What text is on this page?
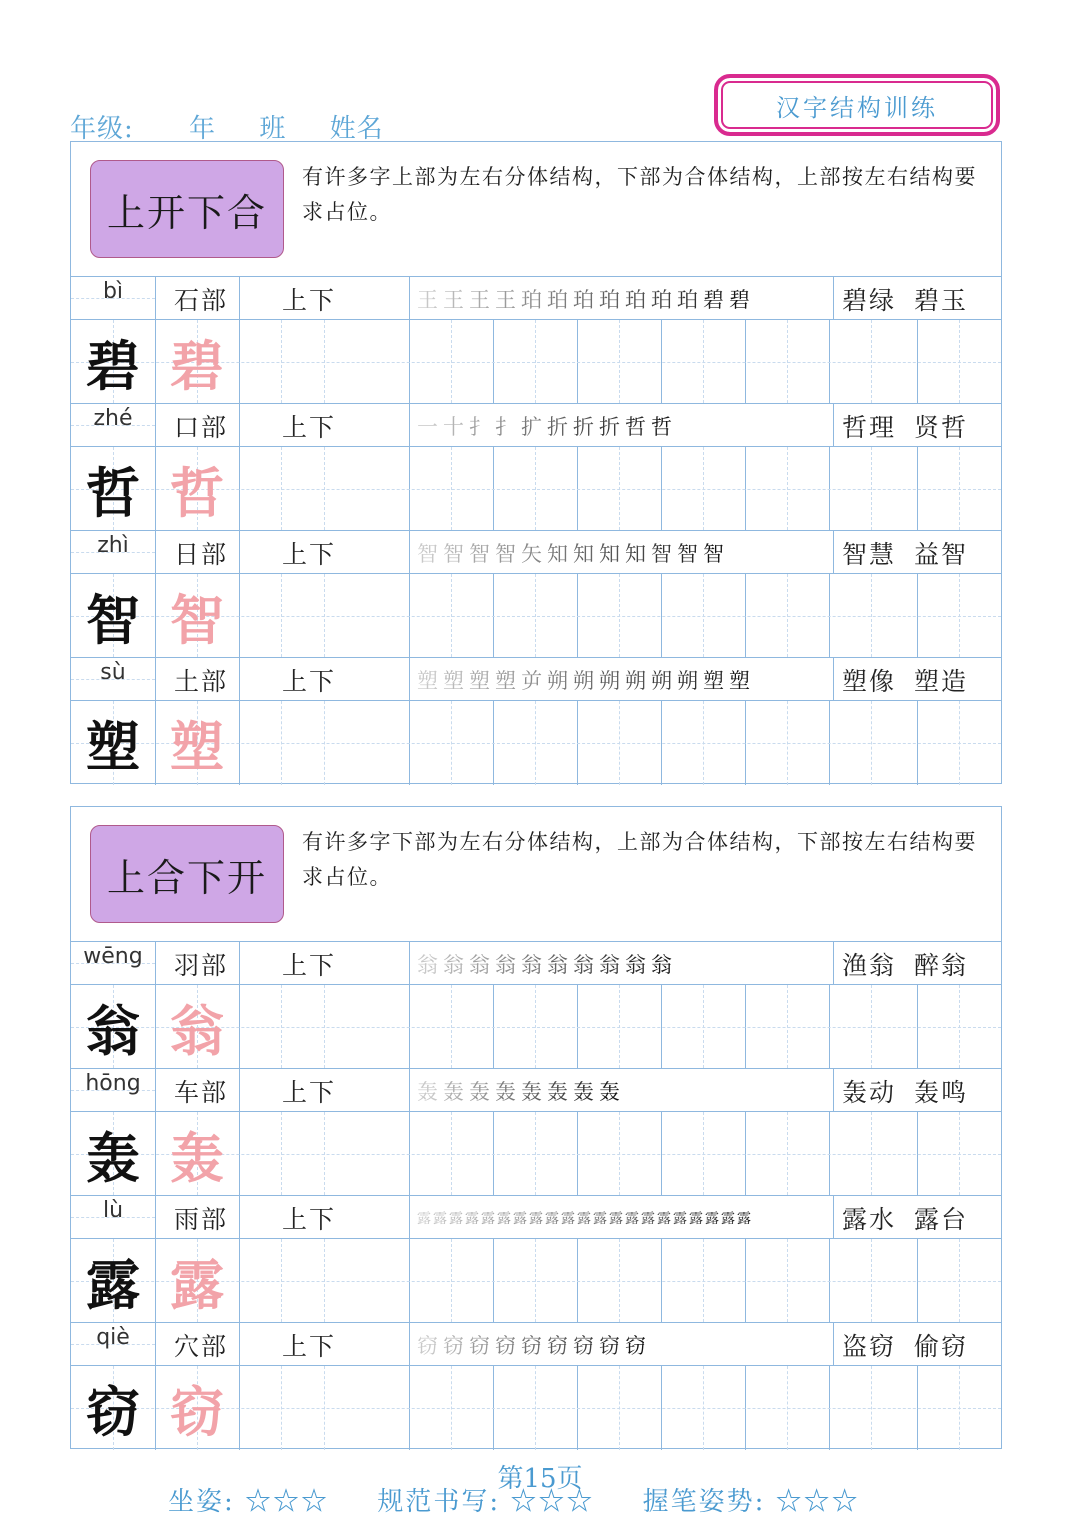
年级: 年 班 姓名
汉字结构训练
上开下合
有许多字上部为左右分体结构，下部为合体结构，上部按左右结构要求占位。
bì	石部 上下	王 王 王 王 珀 珀 珀 珀 珀 珀 珀 碧 碧	碧绿 碧玉
碧 碧
zhé	口部 上下	一 十 扌 扌 扩 折 折 折 哲 哲	哲理 贤哲
哲 哲
zhì	日部 上下	智 智 智 智 矢 知 知 知 知 智 智 智	智慧 益智
智 智
sù	土部 上下	塑 塑 塑 塑 屰 朔 朔 朔 朔 朔 朔 塑 塑	塑像 塑造
塑 塑
上合下开
有许多字下部为左右分体结构，上部为合体结构，下部按左右结构要求占位。
wēng	羽部 上下	翁 翁 翁 翁 翁 翁 翁 翁 翁 翁	渔翁 醉翁
翁 翁
hōng	车部 上下	轰 轰 轰 轰 轰 轰 轰 轰	轰动 轰鸣
轰 轰
lù	雨部 上下	露 露 露 露 露 露 露 露 露 露 露 露 露 露 露 露 露 露 露 露 露	露水 露台
露 露
qiè	穴部 上下	窃 窃 窃 窃 窃 窃 窃 窃 窃	盗窃 偷窃
窃 窃
第15页
坐姿: ☆☆☆ 规范书写: ☆☆☆ 握笔姿势: ☆☆☆
